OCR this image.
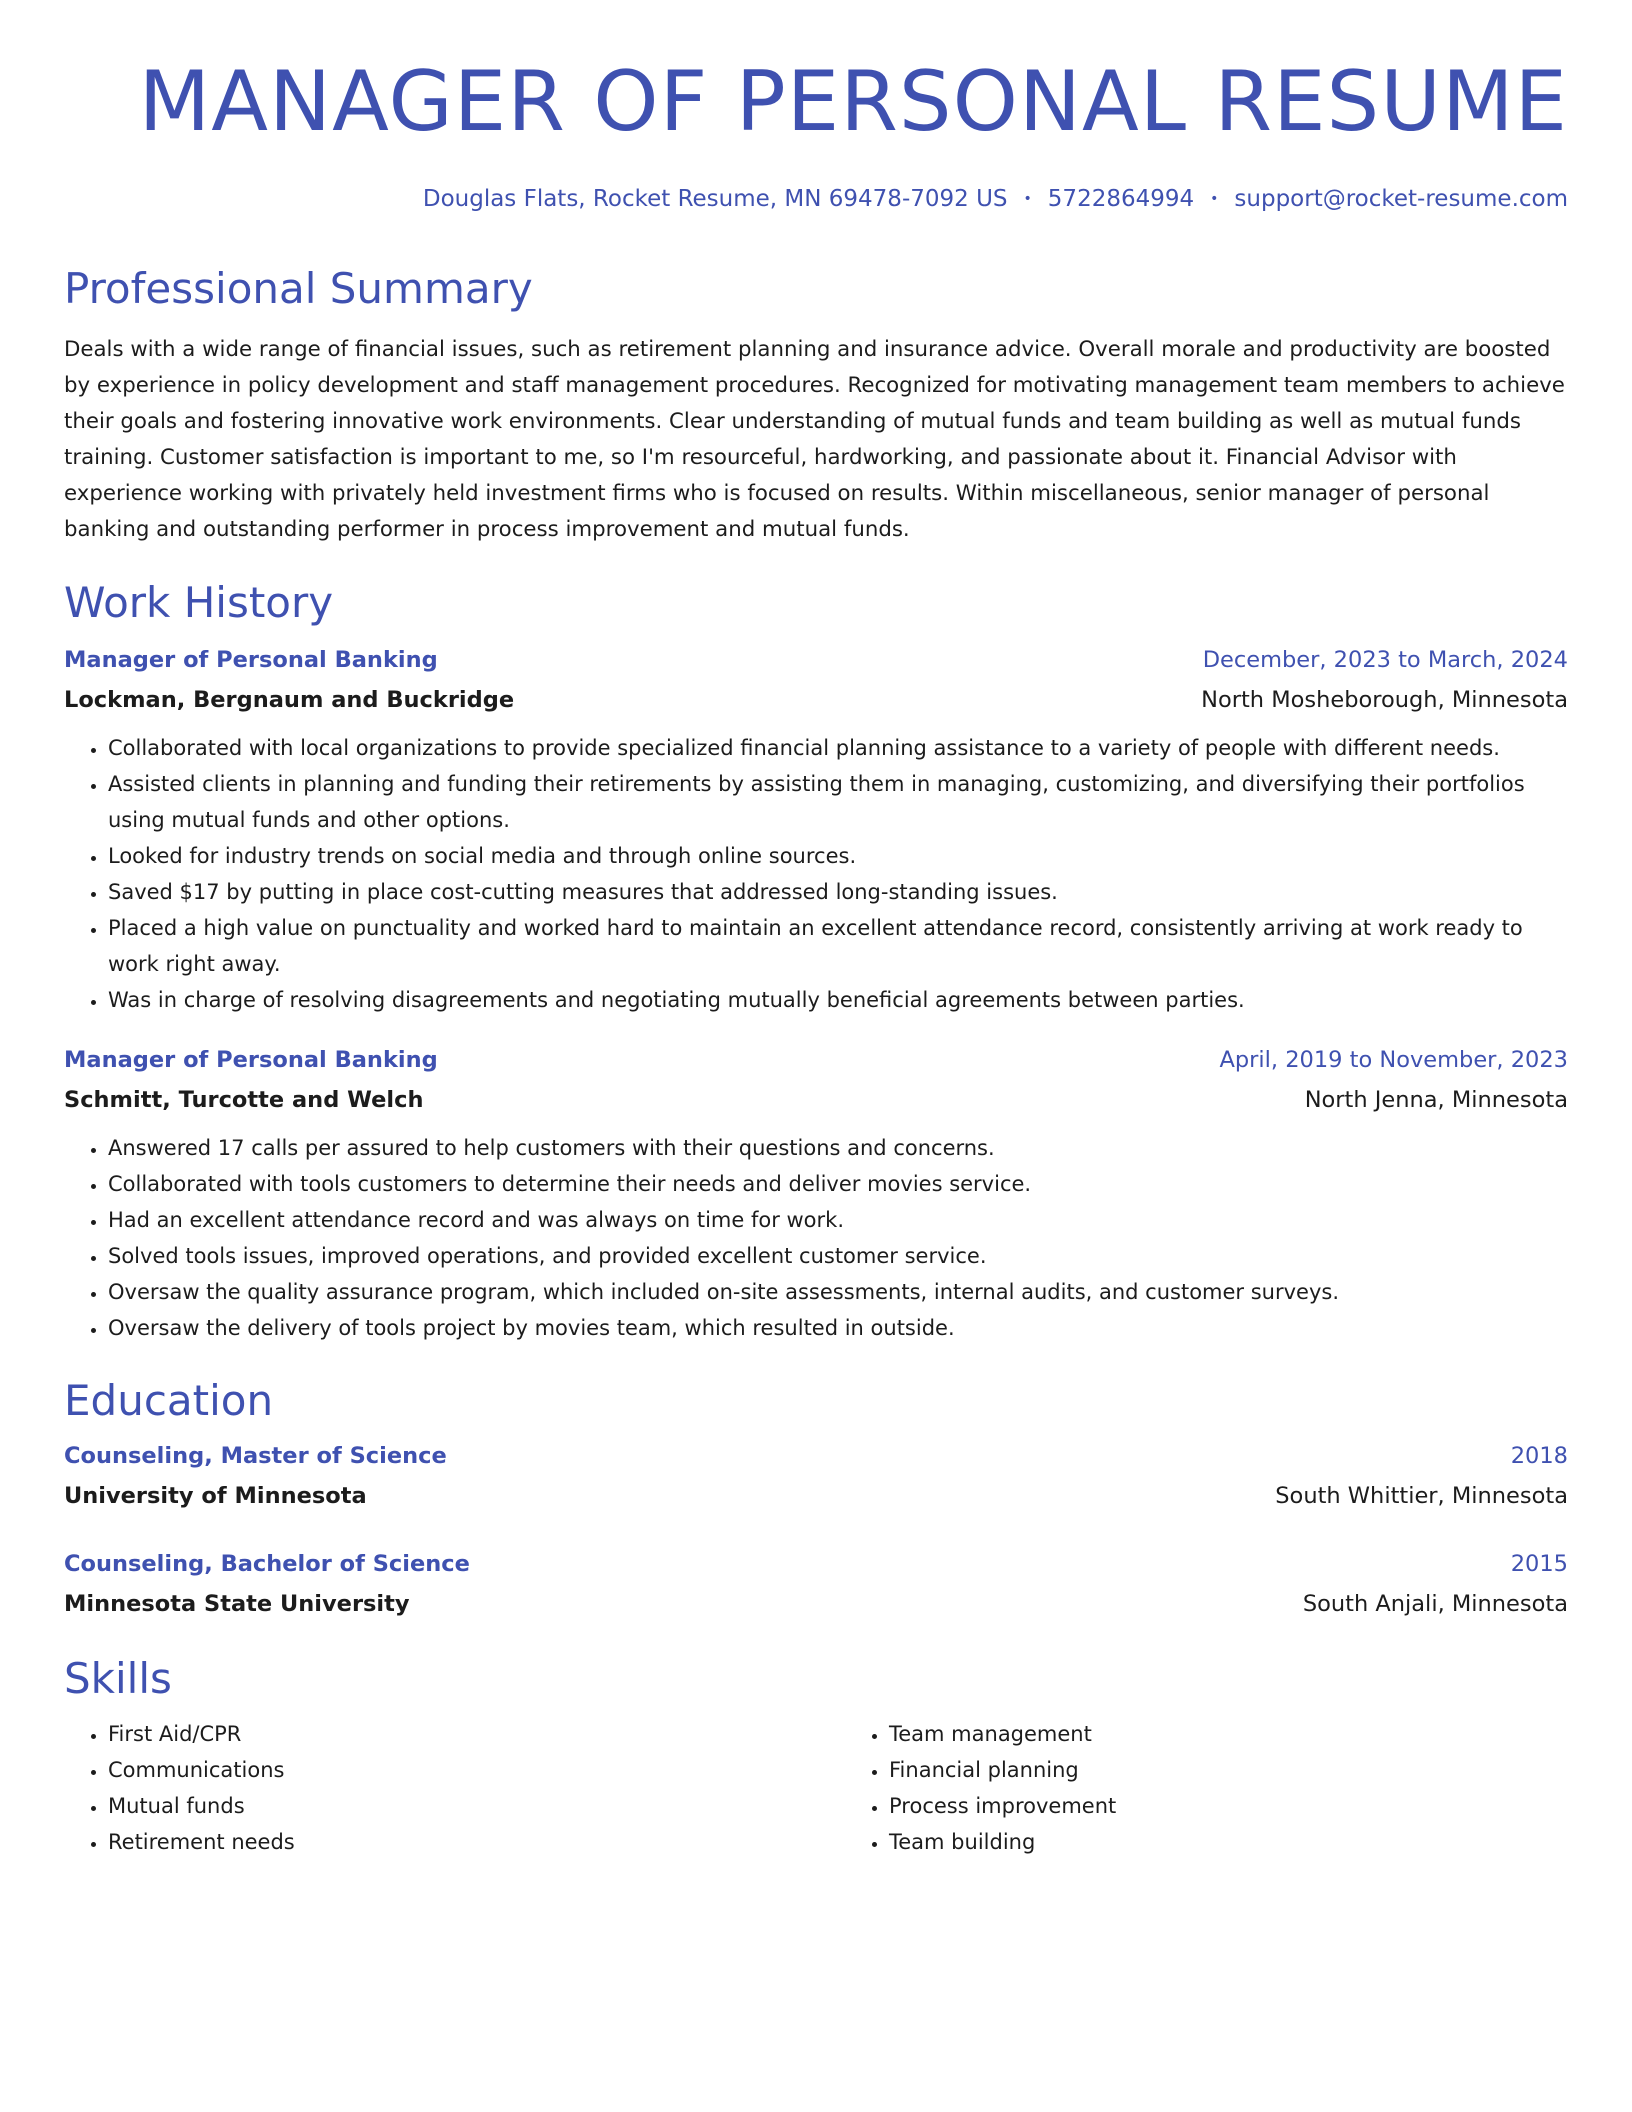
MANAGER OF PERSONAL RESUME
Douglas Flats, Rocket Resume, MN 69478-7092 US • 5722864994 • support@rocket-resume.com
Professional Summary
Deals with a wide range of financial issues, such as retirement planning and insurance advice. Overall morale and productivity are boosted by experience in policy development and staff management procedures. Recognized for motivating management team members to achieve their goals and fostering innovative work environments. Clear understanding of mutual funds and team building as well as mutual funds training. Customer satisfaction is important to me, so I'm resourceful, hardworking, and passionate about it. Financial Advisor with experience working with privately held investment firms who is focused on results. Within miscellaneous, senior manager of personal banking and outstanding performer in process improvement and mutual funds.
Work History
Manager of Personal Banking	December, 2023 to March, 2024
Lockman, Bergnaum and Buckridge	North Mosheborough, Minnesota
• Collaborated with local organizations to provide specialized financial planning assistance to a variety of people with different needs.
• Assisted clients in planning and funding their retirements by assisting them in managing, customizing, and diversifying their portfolios using mutual funds and other options.
• Looked for industry trends on social media and through online sources.
• Saved $17 by putting in place cost-cutting measures that addressed long-standing issues.
• Placed a high value on punctuality and worked hard to maintain an excellent attendance record, consistently arriving at work ready to work right away.
• Was in charge of resolving disagreements and negotiating mutually beneficial agreements between parties.
Manager of Personal Banking	April, 2019 to November, 2023
Schmitt, Turcotte and Welch	North Jenna, Minnesota
• Answered 17 calls per assured to help customers with their questions and concerns.
• Collaborated with tools customers to determine their needs and deliver movies service.
• Had an excellent attendance record and was always on time for work.
• Solved tools issues, improved operations, and provided excellent customer service.
• Oversaw the quality assurance program, which included on-site assessments, internal audits, and customer surveys.
• Oversaw the delivery of tools project by movies team, which resulted in outside.
Education
Counseling, Master of Science	2018
University of Minnesota	South Whittier, Minnesota
Counseling, Bachelor of Science	2015
Minnesota State University	South Anjali, Minnesota
Skills
• First Aid/CPR
• Communications
• Mutual funds
• Retirement needs
• Team management
• Financial planning
• Process improvement
• Team building
